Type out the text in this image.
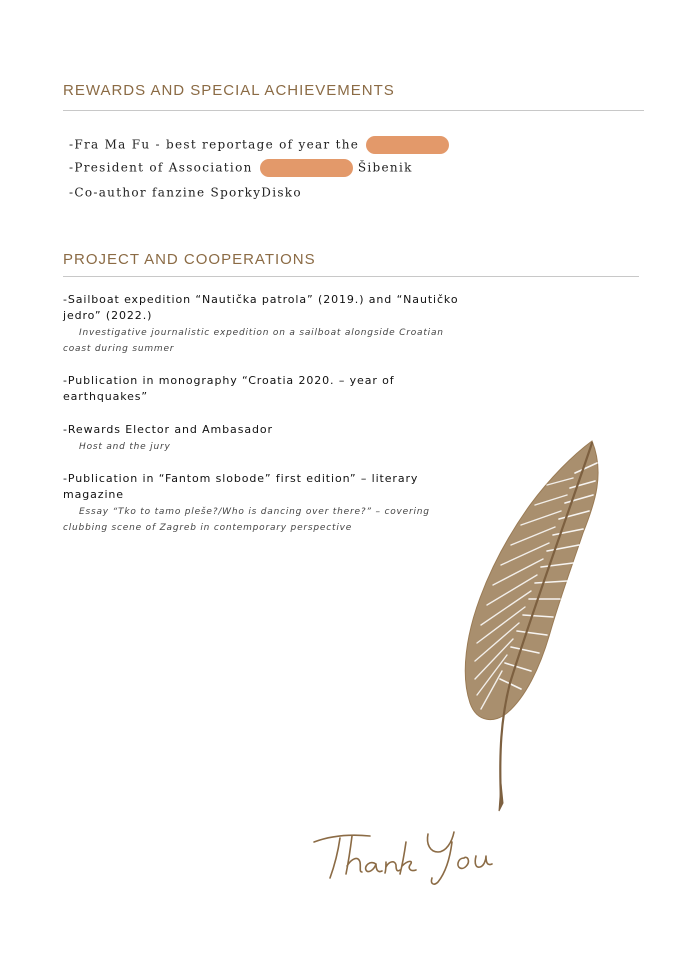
REWARDS AND SPECIAL ACHIEVEMENTS
-Fra Ma Fu - best reportage of year the
-President of Association	Šibenik
-Co-author fanzine SporkyDisko
PROJECT AND COOPERATIONS
-Sailboat expedition “Nautička patrola” (2019.) and “Nautičko jedro” (2022.)
Investigative journalistic expedition on a sailboat alongside Croatian coast during summer
-Publication in monography “Croatia 2020. – year of earthquakes”
-Rewards Elector and Ambasador
Host and the jury
-Publication in “Fantom slobode” first edition” – literary magazine
Essay “Tko to tamo pleše?/Who is dancing over there?” – covering clubbing scene of Zagreb in contemporary perspective
